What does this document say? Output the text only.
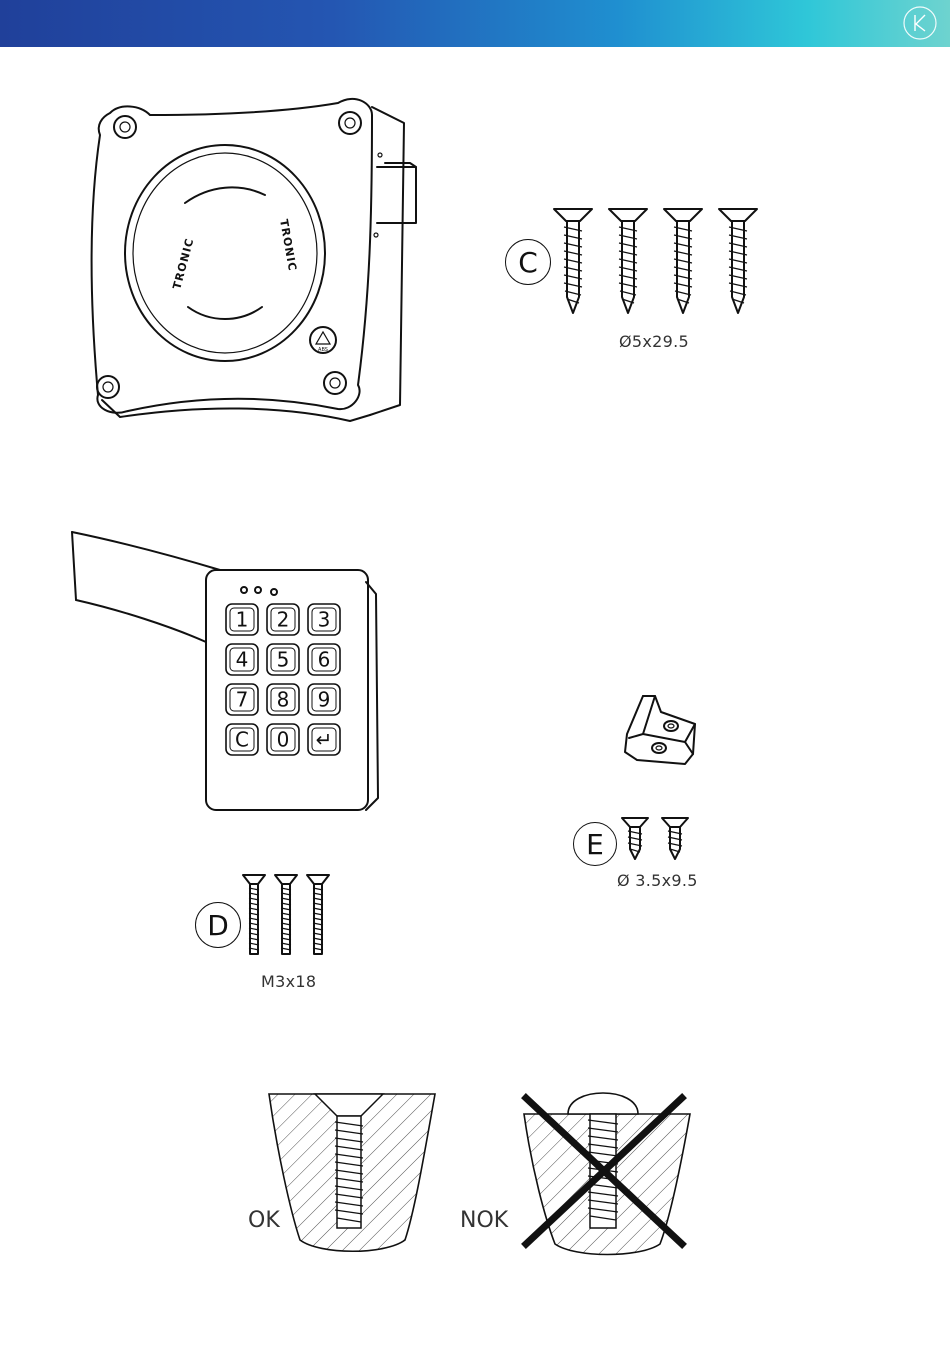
TRONIC	TRONIC
ABS
C
Ø5x29.5
1 2 3
4 5 6
7 8 9
C 0 ↵
E
Ø 3.5x9.5
D
M3x18
OK	NOK
